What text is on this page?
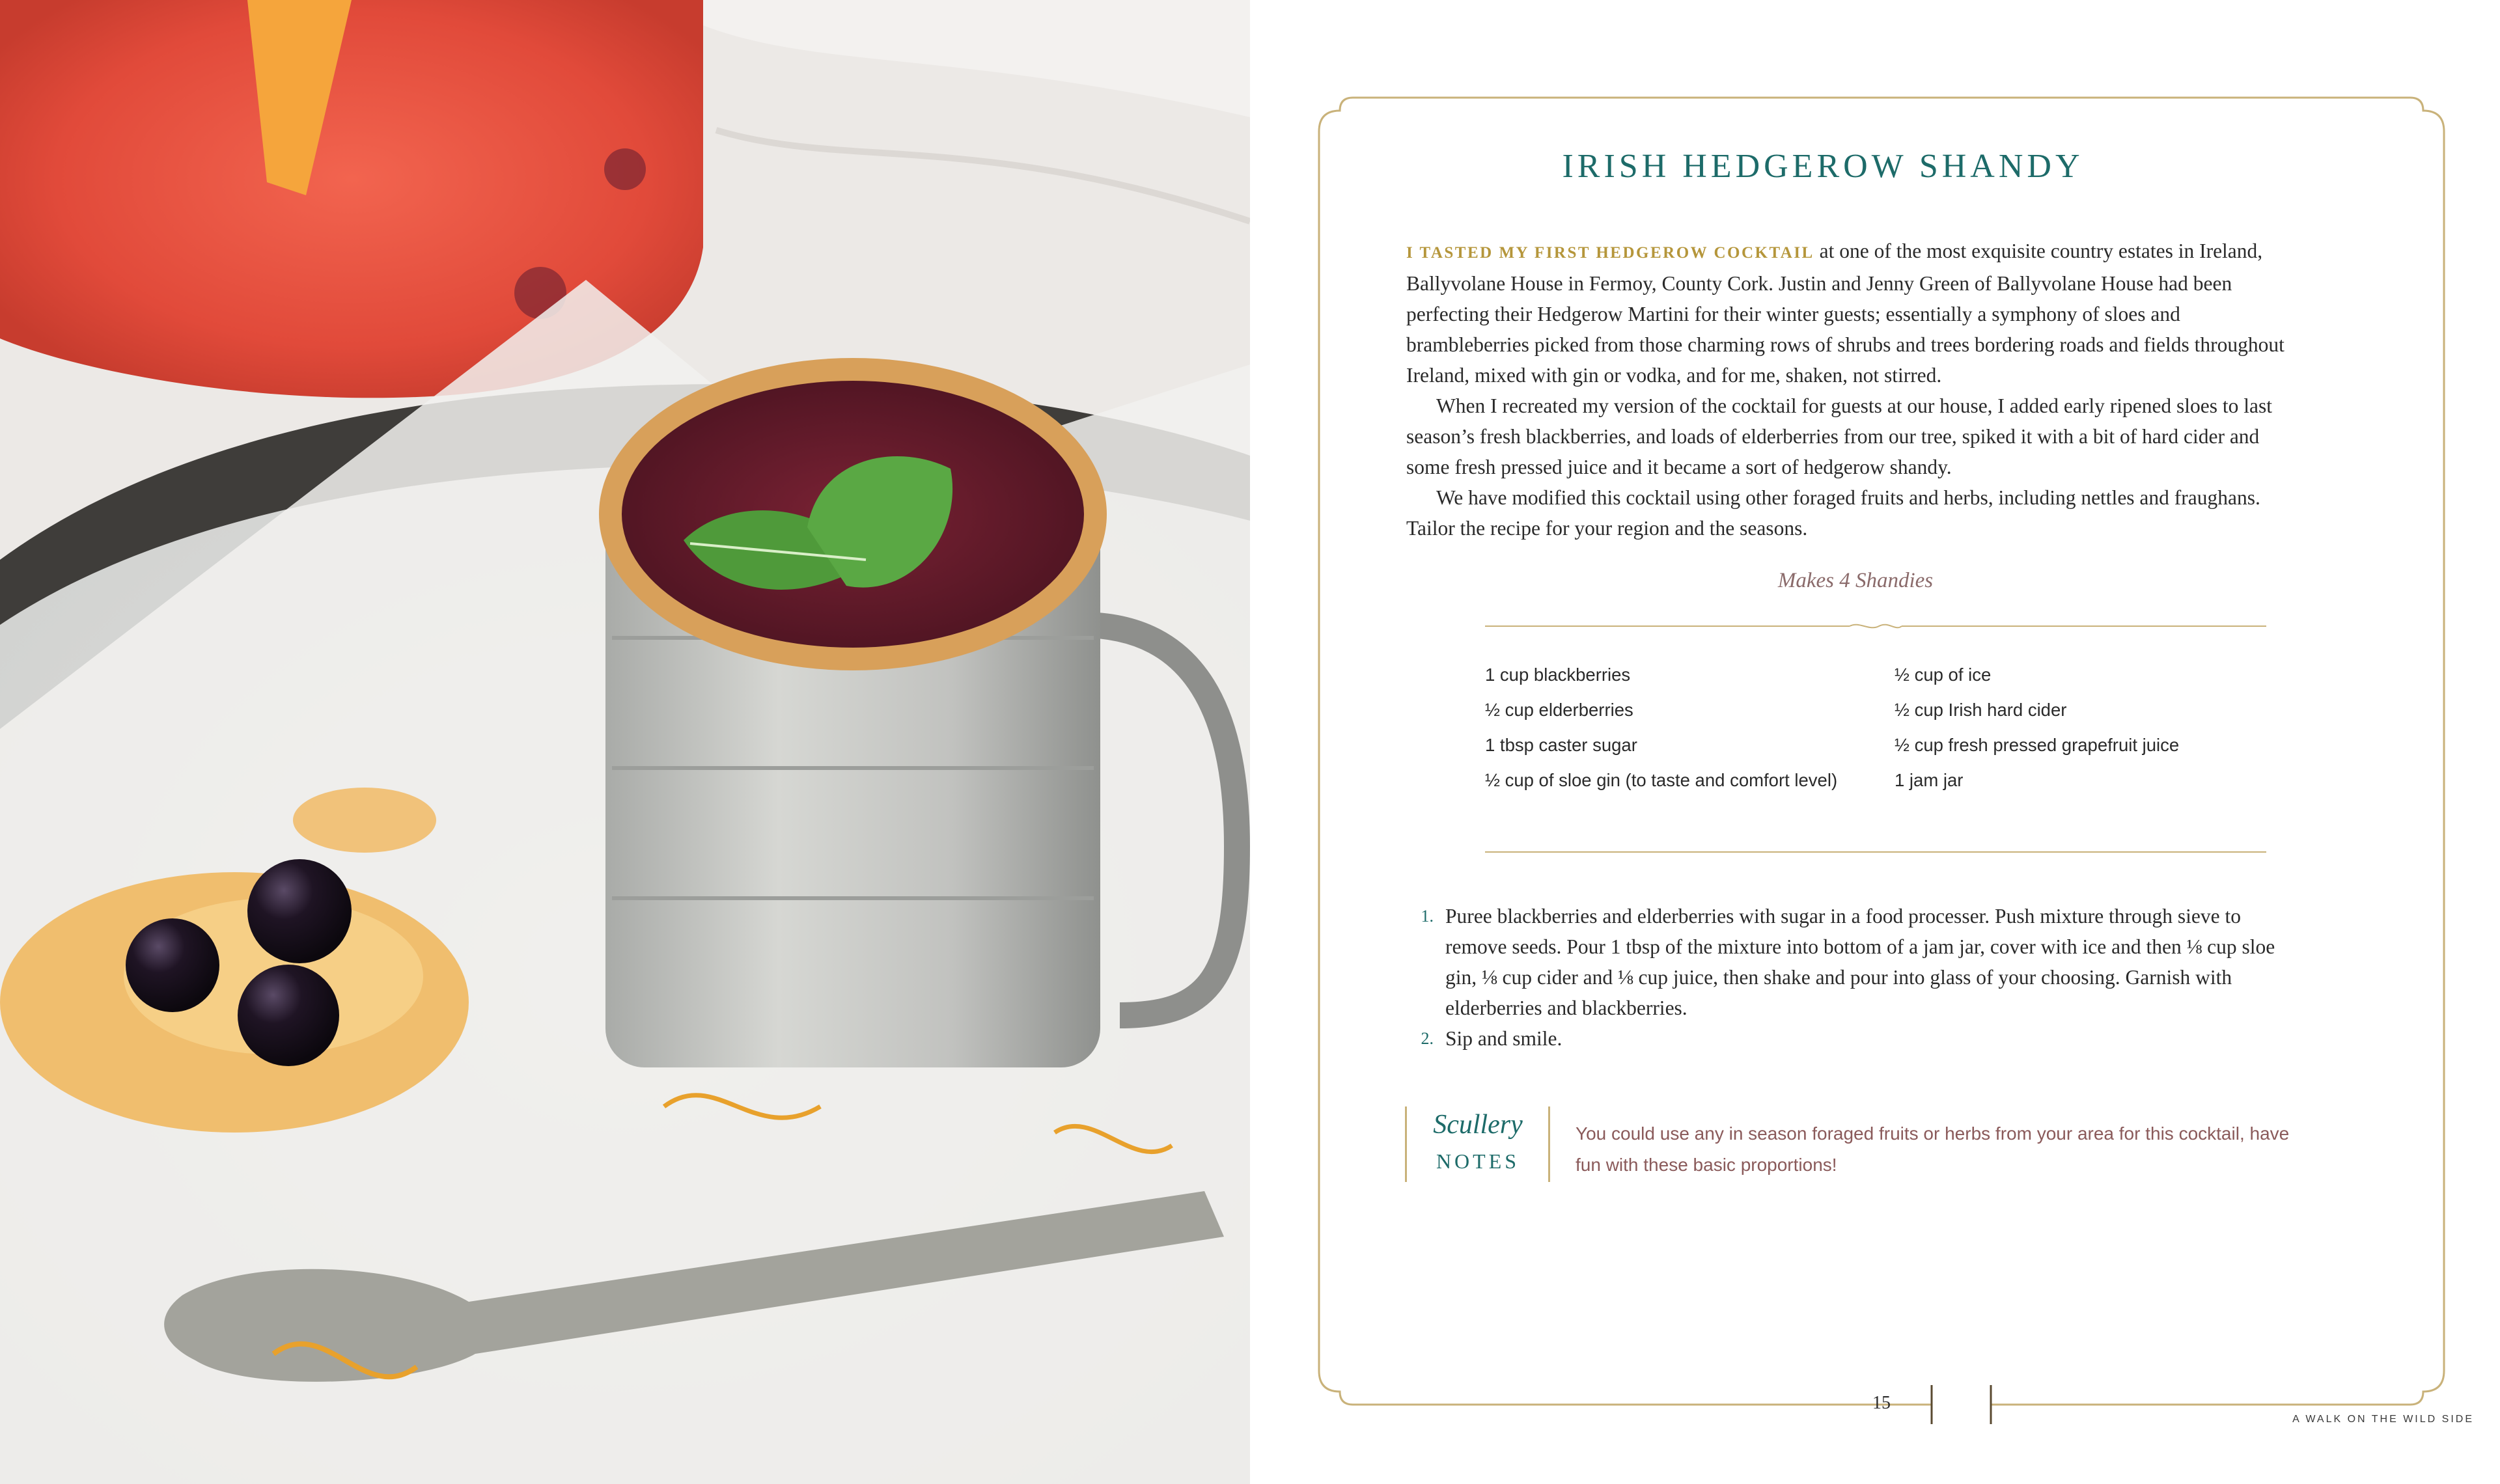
IRISH HEDGEROW SHANDY

I TASTED MY FIRST HEDGEROW COCKTAIL at one of the most exquisite country estates in Ireland, Ballyvolane House in Fermoy, County Cork. Justin and Jenny Green of Ballyvolane House had been perfecting their Hedgerow Martini for their winter guests; essentially a symphony of sloes and brambleberries picked from those charming rows of shrubs and trees bordering roads and fields throughout Ireland, mixed with gin or vodka, and for me, shaken, not stirred.

When I recreated my version of the cocktail for guests at our house, I added early ripened sloes to last season’s fresh blackberries, and loads of elderberries from our tree, spiked it with a bit of hard cider and some fresh pressed juice and it became a sort of hedgerow shandy.

We have modified this cocktail using other foraged fruits and herbs, including nettles and fraughans. Tailor the recipe for your region and the seasons.

Makes 4 Shandies
1 cup blackberries
½ cup elderberries
1 tbsp caster sugar
½ cup of sloe gin (to taste and comfort level)
½ cup of ice
½ cup Irish hard cider
½ cup fresh pressed grapefruit juice
1 jam jar
1. Puree blackberries and elderberries with sugar in a food processer. Push mixture through sieve to remove seeds. Pour 1 tbsp of the mixture into bottom of a jam jar, cover with ice and then ⅛ cup sloe gin, ⅛ cup cider and ⅛ cup juice, then shake and pour into glass of your choosing. Garnish with elderberries and blackberries.
2. Sip and smile.
Scullery
NOTES
You could use any in season foraged fruits or herbs from your area for this cocktail, have fun with these basic proportions!
15
A WALK ON THE WILD SIDE
